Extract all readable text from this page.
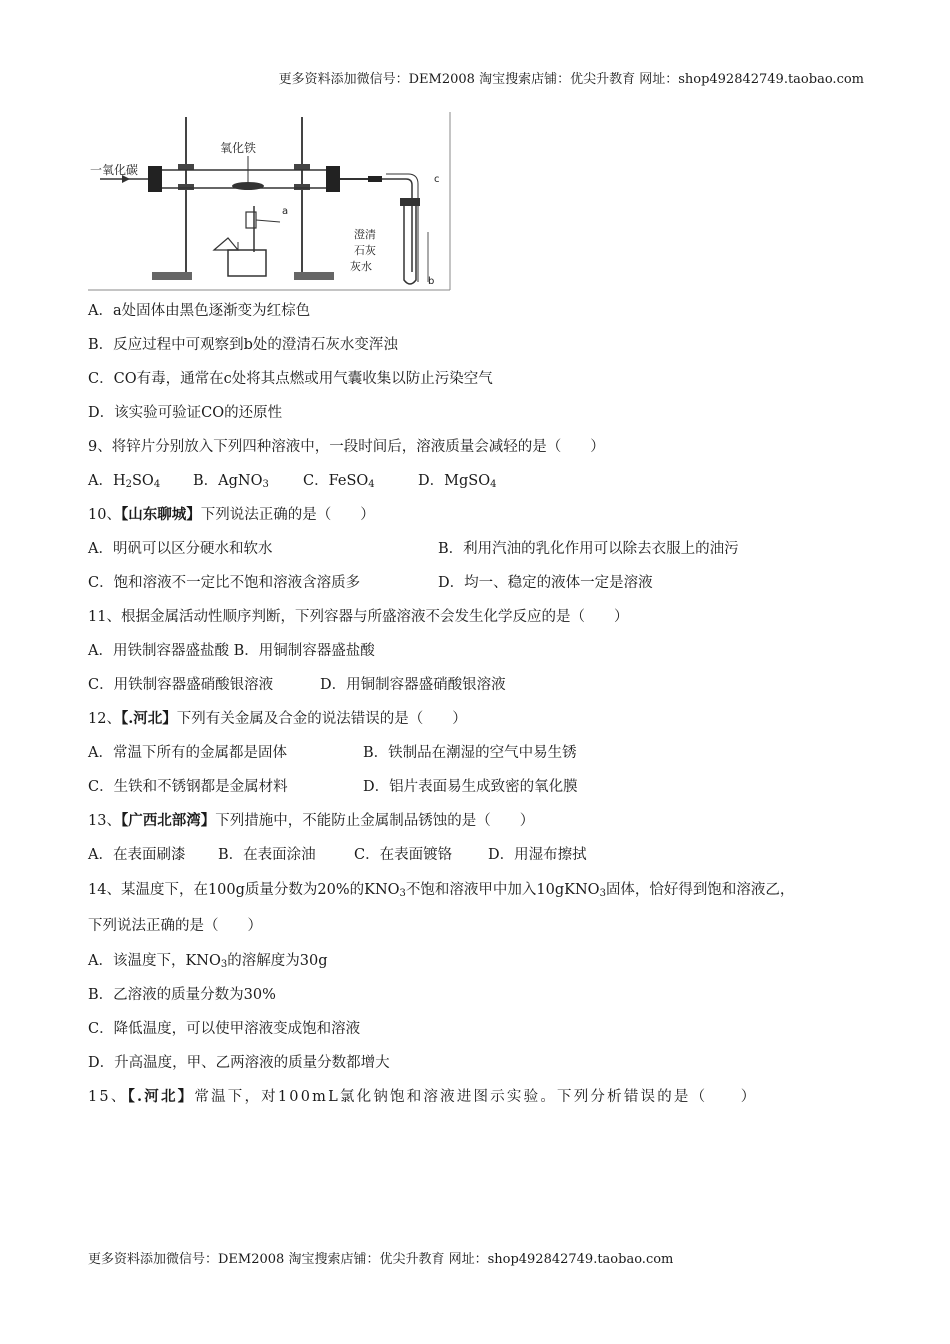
更多资料添加微信号：DEM2008 淘宝搜索店铺：优尖升教育 网址：shop492842749.taobao.com
一氧化碳
氧化铁
c
b
澄清
石灰
灰水
a
A．a处固体由黑色逐渐变为红棕色
B．反应过程中可观察到b处的澄清石灰水变浑浊
C．CO有毒，通常在c处将其点燃或用气囊收集以防止污染空气
D．该实验可验证CO的还原性
9、将锌片分别放入下列四种溶液中，一段时间后，溶液质量会减轻的是（　　）
A．$H_2SO_4$	B．AgNO$_3$	C．FeSO$_4$	D．MgSO$_4$
10、【山东聊城】下列说法正确的是（　　）
A．明矾可以区分硬水和软水	B．利用汽油的乳化作用可以除去衣服上的油污
C．饱和溶液不一定比不饱和溶液含溶质多	D．均一、稳定的液体一定是溶液
11、根据金属活动性顺序判断，下列容器与所盛溶液不会发生化学反应的是（　　）
A．用铁制容器盛盐酸 B．用铜制容器盛盐酸
C．用铁制容器盛硝酸银溶液	D．用铜制容器盛硝酸银溶液
12、【.河北】下列有关金属及合金的说法错误的是（　　）
A．常温下所有的金属都是固体	B．铁制品在潮湿的空气中易生锈
C．生铁和不锈钢都是金属材料	D．铝片表面易生成致密的氧化膜
13、【广西北部湾】下列措施中，不能防止金属制品锈蚀的是（　　）
A．在表面刷漆	B．在表面涂油	C．在表面镀铬	D．用湿布擦拭
14、某温度下，在100g质量分数为20%的$KNO_3$不饱和溶液甲中加入10gKNO$_3$固体，恰好得到饱和溶液乙，
下列说法正确的是（　　）
A．该温度下，$KNO_3$的溶解度为30g
B．乙溶液的质量分数为30%
C．降低温度，可以使甲溶液变成饱和溶液
D．升高温度，甲、乙两溶液的质量分数都增大
15、【.河北】常温下，对100mL氯化钠饱和溶液进图示实验。下列分析错误的是（　　）
更多资料添加微信号：DEM2008 淘宝搜索店铺：优尖升教育 网址：shop492842749.taobao.com
